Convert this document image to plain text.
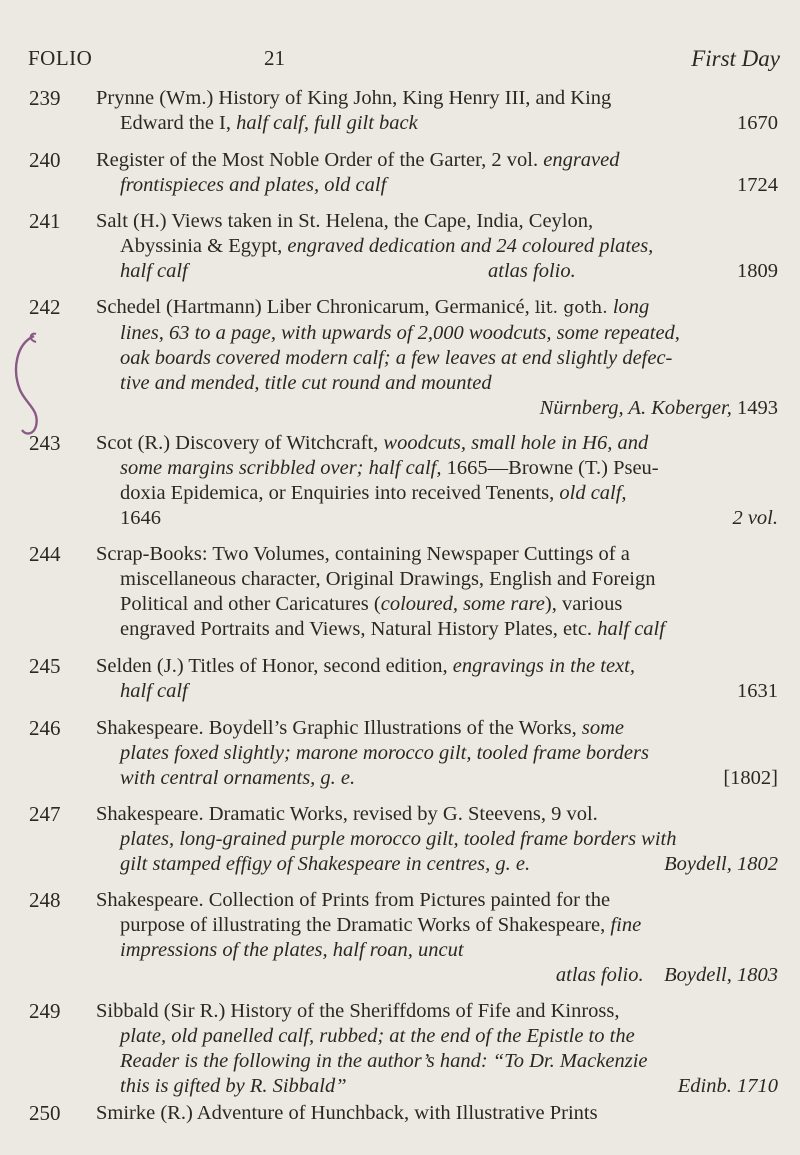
FOLIO	21	First Day
239 Prynne (Wm.) History of King John, King Henry III, and King
Edward the I, half calf, full gilt back	1670
240 Register of the Most Noble Order of the Garter, 2 vol. engraved
frontispieces and plates, old calf	1724
241 Salt (H.) Views taken in St. Helena, the Cape, India, Ceylon,
Abyssinia & Egypt, engraved dedication and 24 coloured plates,
half calf	atlas folio.	1809
242 Schedel (Hartmann) Liber Chronicarum, Germanicé, lit. goth. long
lines, 63 to a page, with upwards of 2,000 woodcuts, some repeated,
oak boards covered modern calf; a few leaves at end slightly defec-
tive and mended, title cut round and mounted
Nürnberg, A. Koberger, 1493
243 Scot (R.) Discovery of Witchcraft, woodcuts, small hole in H6, and
some margins scribbled over; half calf, 1665—Browne (T.) Pseu-
doxia Epidemica, or Enquiries into received Tenents, old calf,
1646	2 vol.
244 Scrap-Books: Two Volumes, containing Newspaper Cuttings of a
miscellaneous character, Original Drawings, English and Foreign
Political and other Caricatures (coloured, some rare), various
engraved Portraits and Views, Natural History Plates, etc. half calf
245 Selden (J.) Titles of Honor, second edition, engravings in the text,
half calf	1631
246 Shakespeare. Boydell’s Graphic Illustrations of the Works, some
plates foxed slightly; marone morocco gilt, tooled frame borders
with central ornaments, g. e.	[1802]
247 Shakespeare. Dramatic Works, revised by G. Steevens, 9 vol.
plates, long-grained purple morocco gilt, tooled frame borders with
gilt stamped effigy of Shakespeare in centres, g. e.	Boydell, 1802
248 Shakespeare. Collection of Prints from Pictures painted for the
purpose of illustrating the Dramatic Works of Shakespeare, fine
impressions of the plates, half roan, uncut
atlas folio. Boydell, 1803
249 Sibbald (Sir R.) History of the Sheriffdoms of Fife and Kinross,
plate, old panelled calf, rubbed; at the end of the Epistle to the
Reader is the following in the author’s hand: “To Dr. Mackenzie
this is gifted by R. Sibbald”	Edinb. 1710
250 Smirke (R.) Adventure of Hunchback, with Illustrative Prints
